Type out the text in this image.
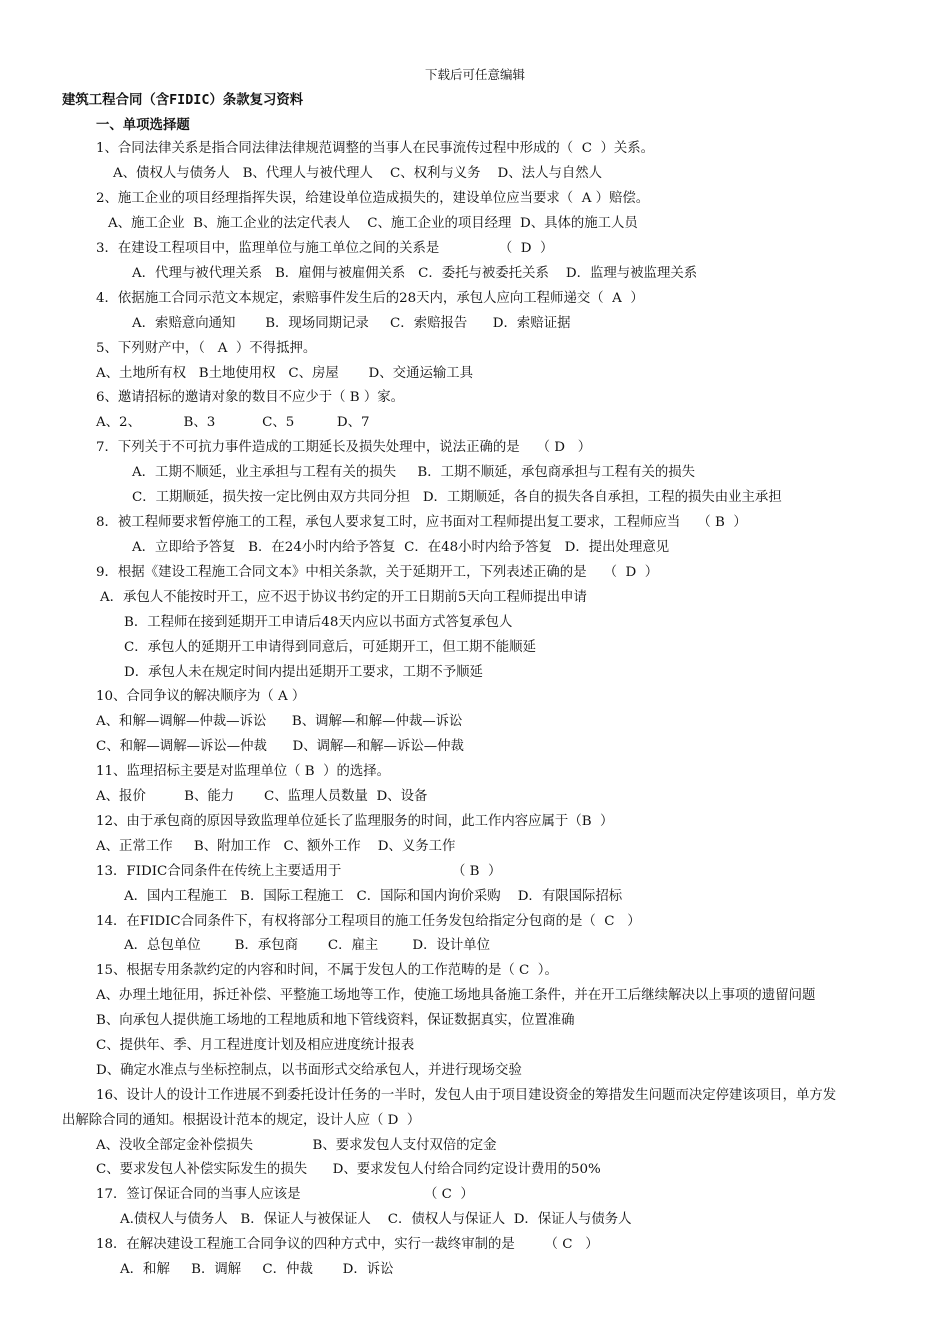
下载后可任意编辑
建筑工程合同（含FIDIC）条款复习资料
一、单项选择题
1、合同法律关系是指合同法律法律规范调整的当事人在民事流传过程中形成的（  C  ）关系。
A、债权人与债务人   B、代理人与被代理人    C、权利与义务    D、法人与自然人
2、施工企业的项目经理指挥失误，给建设单位造成损失的，建设单位应当要求（  A ）赔偿。
A、施工企业  B、施工企业的法定代表人    C、施工企业的项目经理  D、具体的施工人员
3．在建设工程项目中，监理单位与施工单位之间的关系是              （  D  ）
A．代理与被代理关系   B．雇佣与被雇佣关系   C．委托与被委托关系    D．监理与被监理关系
4．依据施工合同示范文本规定，索赔事件发生后的28天内，承包人应向工程师递交（  A  ）
A．索赔意向通知       B．现场同期记录     C．索赔报告      D．索赔证据
5、下列财产中，（   A  ）不得抵押。
A、土地所有权   B土地使用权   C、房屋       D、交通运输工具
6、邀请招标的邀请对象的数目不应少于（ B ）家。
A、2、          B、3           C、5          D、7
7．下列关于不可抗力事件造成的工期延长及损失处理中，说法正确的是    （ D   ）
A．工期不顺延，业主承担与工程有关的损失     B．工期不顺延，承包商承担与工程有关的损失
C．工期顺延，损失按一定比例由双方共同分担   D．工期顺延，各自的损失各自承担，工程的损失由业主承担
8．被工程师要求暂停施工的工程，承包人要求复工时，应书面对工程师提出复工要求，工程师应当    （ B  ）
A．立即给予答复   B．在24小时内给予答复  C．在48小时内给予答复   D．提出处理意见
9．根据《建设工程施工合同文本》中相关条款，关于延期开工，下列表述正确的是    （  D  ）
A．承包人不能按时开工，应不迟于协议书约定的开工日期前5天向工程师提出申请
B．工程师在接到延期开工申请后48天内应以书面方式答复承包人
C．承包人的延期开工申请得到同意后，可延期开工，但工期不能顺延
D．承包人未在规定时间内提出延期开工要求，工期不予顺延
10、合同争议的解决顺序为（ A ）
A、和解—调解—仲裁—诉讼      B、调解—和解—仲裁—诉讼
C、和解—调解—诉讼—仲裁      D、调解—和解—诉讼—仲裁
11、监理招标主要是对监理单位（ B  ）的选择。
A、报价         B、能力       C、监理人员数量  D、设备
12、由于承包商的原因导致监理单位延长了监理服务的时间，此工作内容应属于（B  ）
A、正常工作     B、附加工作   C、额外工作    D、义务工作
13．FIDIC合同条件在传统上主要适用于                          （ B  ）
A．国内工程施工   B．国际工程施工   C．国际和国内询价采购    D．有限国际招标
14．在FIDIC合同条件下，有权将部分工程项目的施工任务发包给指定分包商的是（  C   ）
A．总包单位        B．承包商       C．雇主        D．设计单位
15、根据专用条款约定的内容和时间，不属于发包人的工作范畴的是（ C  ）。
A、办理土地征用，拆迁补偿、平整施工场地等工作，使施工场地具备施工条件，并在开工后继续解决以上事项的遗留问题
B、向承包人提供施工场地的工程地质和地下管线资料，保证数据真实，位置准确
C、提供年、季、月工程进度计划及相应进度统计报表
D、确定水准点与坐标控制点，以书面形式交给承包人，并进行现场交验
16、设计人的设计工作进展不到委托设计任务的一半时，发包人由于项目建设资金的筹措发生问题而决定停建该项目，单方发
出解除合同的通知。根据设计范本的规定，设计人应（ D  ）
A、没收全部定金补偿损失              B、要求发包人支付双倍的定金
C、要求发包人补偿实际发生的损失      D、要求发包人付给合同约定设计费用的50%
17．签订保证合同的当事人应该是                             （ C  ）
A.债权人与债务人   B．保证人与被保证人    C．债权人与保证人  D．保证人与债务人
18．在解决建设工程施工合同争议的四种方式中，实行一裁终审制的是       （ C   ）
A．和解     B．调解     C．仲裁       D．诉讼
